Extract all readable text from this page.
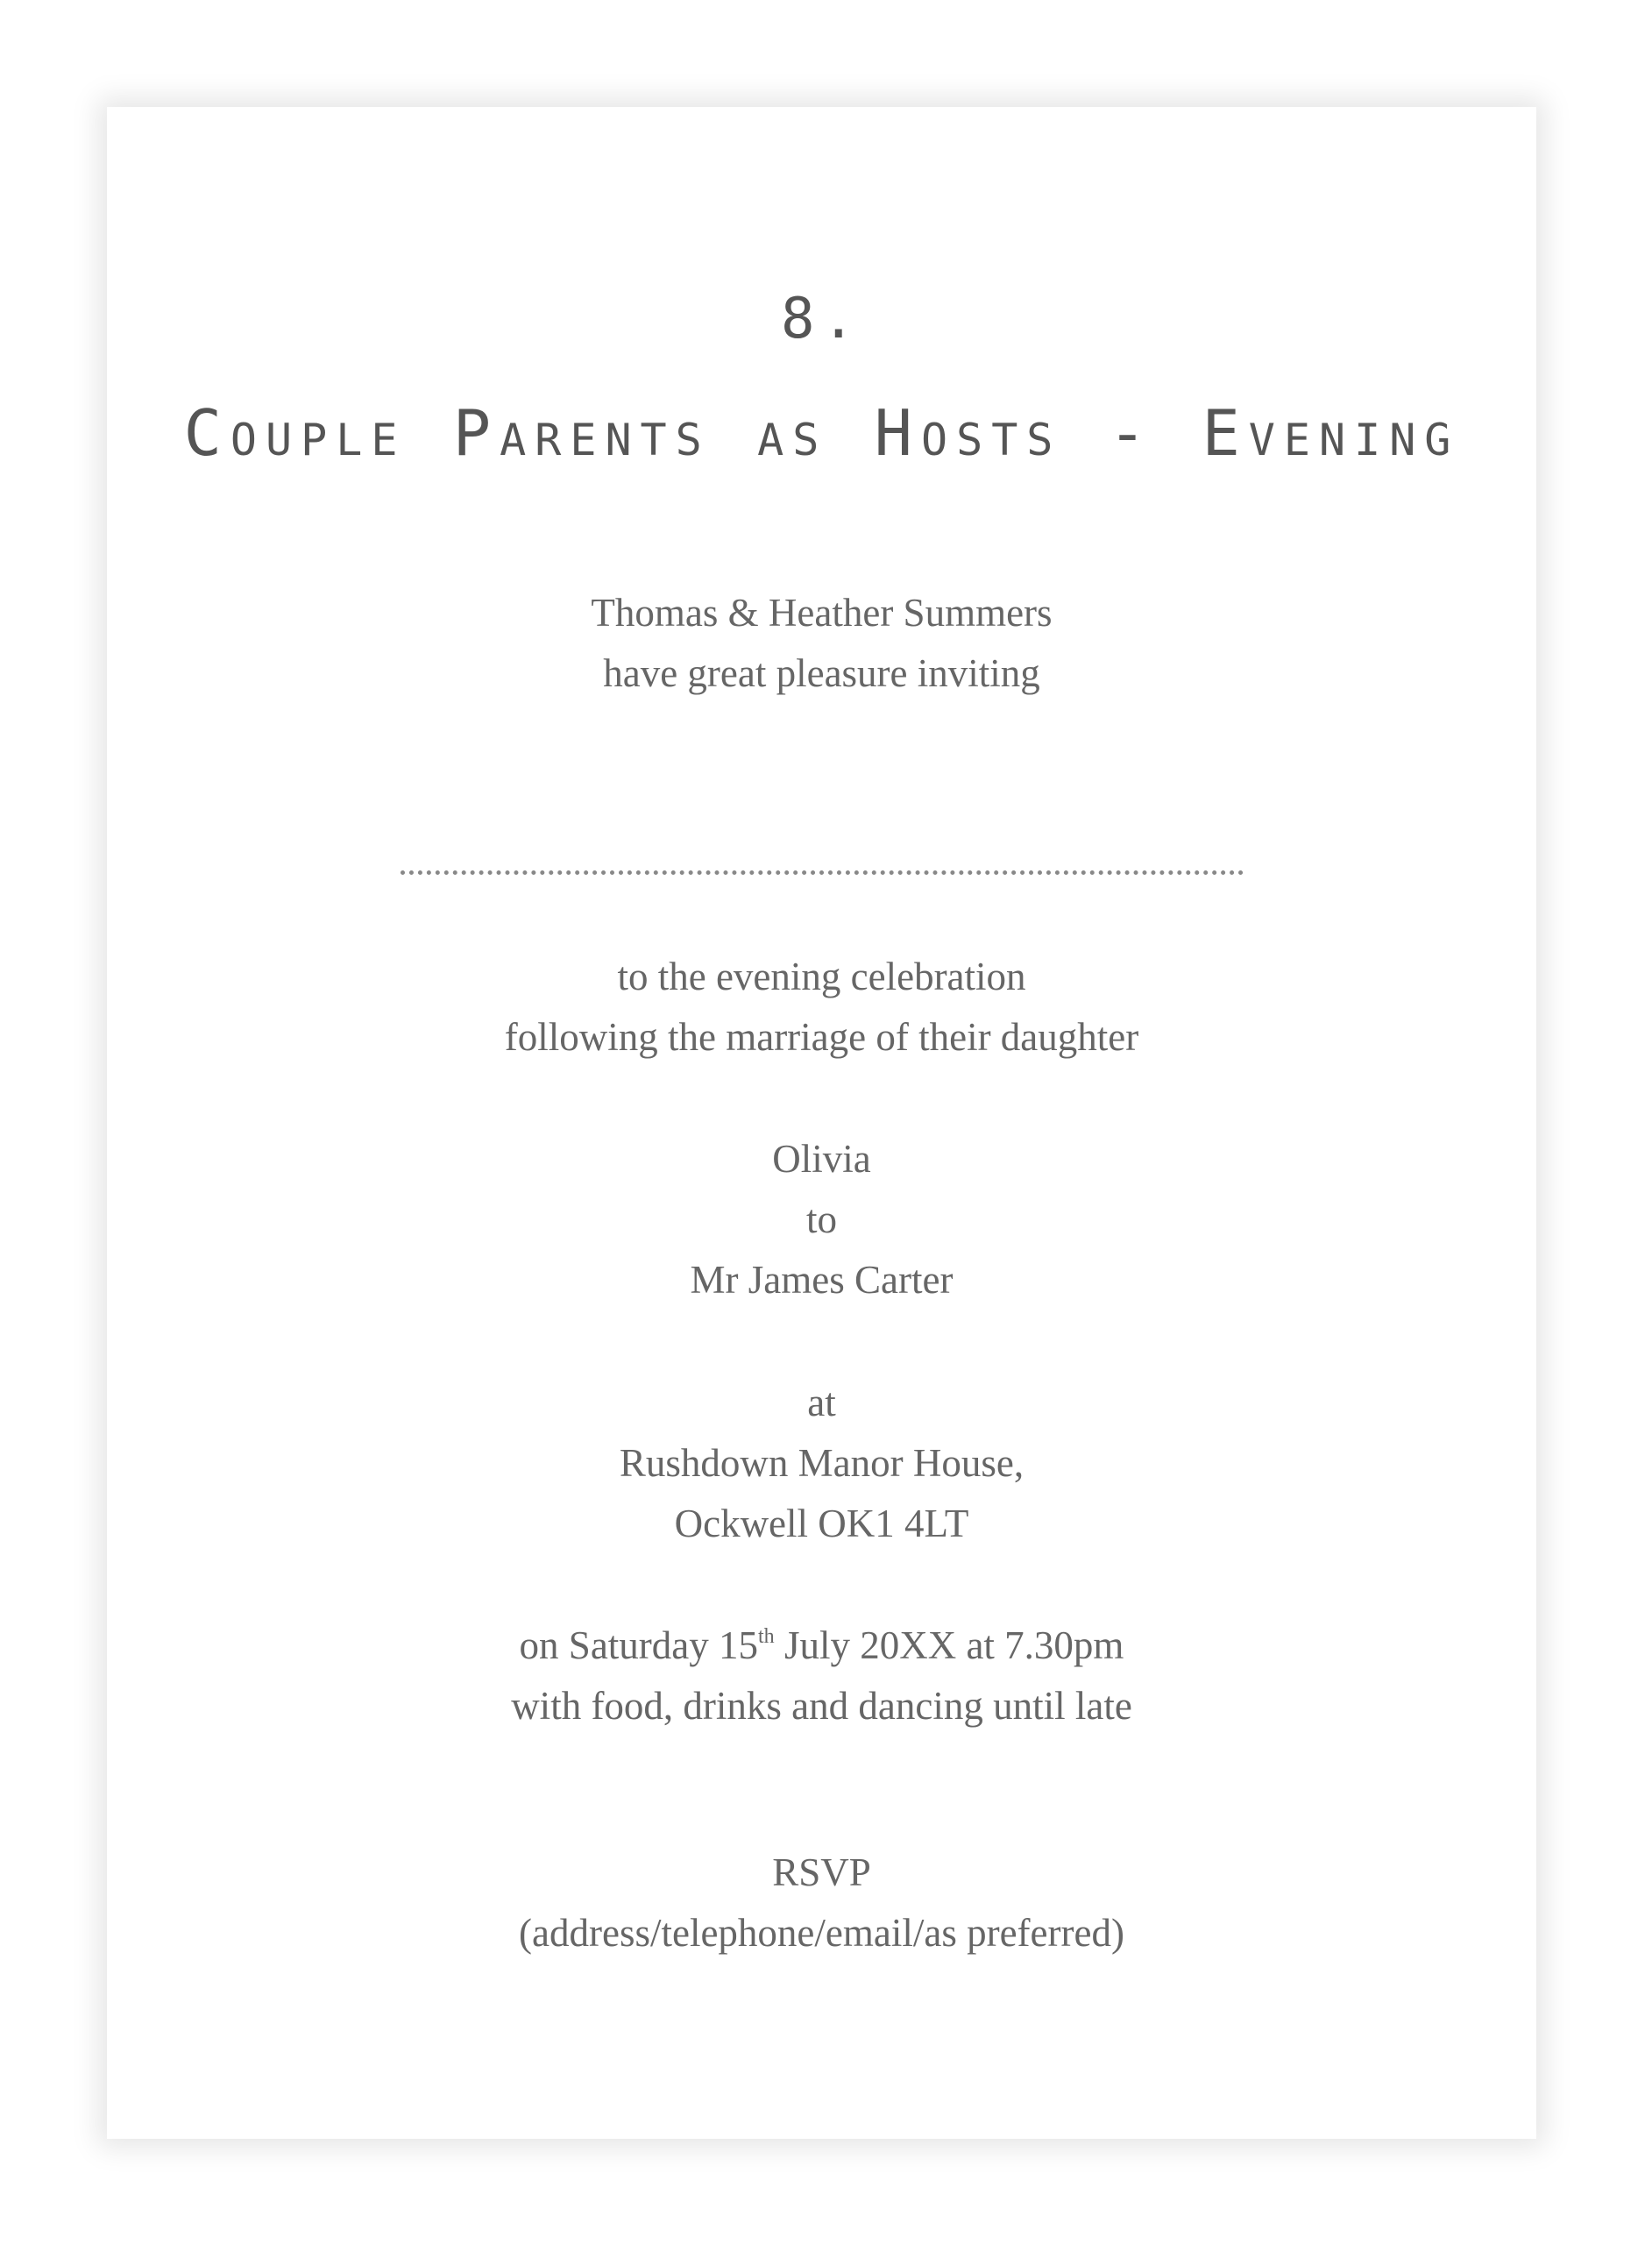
8.
Couple Parents as Hosts - Evening
Thomas & Heather Summers
have great pleasure inviting
to the evening celebration
following the marriage of their daughter
Olivia
to
Mr James Carter
at
Rushdown Manor House,
Ockwell OK1 4LT
on Saturday 15th July 20XX at 7.30pm
with food, drinks and dancing until late
RSVP
(address/telephone/email/as preferred)
